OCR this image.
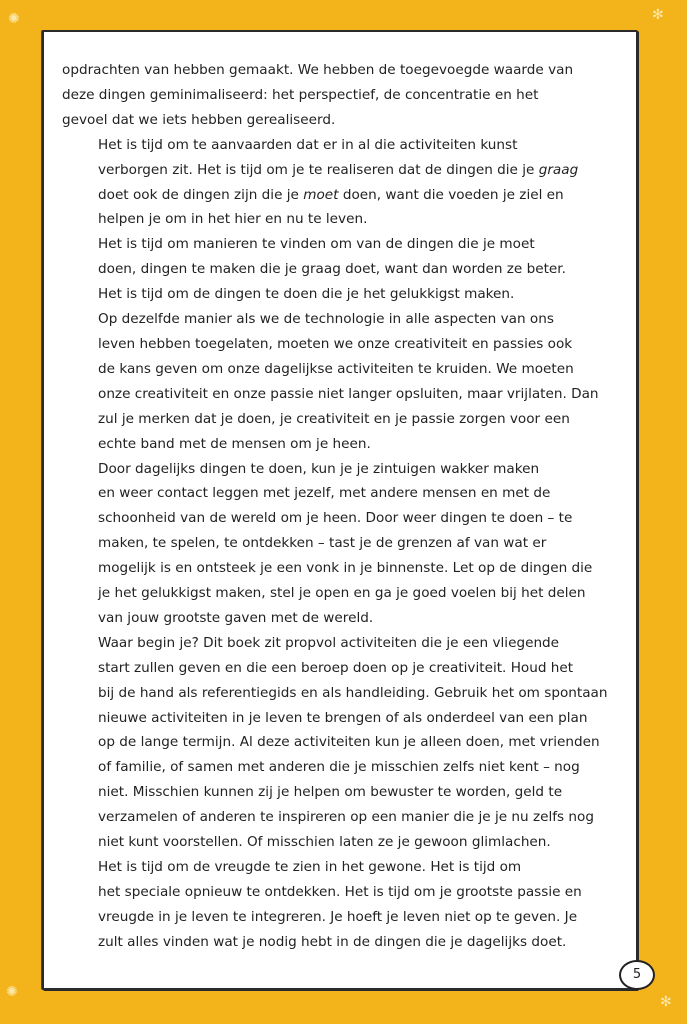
✺	✻
✺
✻

opdrachten van hebben gemaakt. We hebben de toegevoegde waarde van
deze dingen geminimaliseerd: het perspectief, de concentratie en het
gevoel dat we iets hebben gerealiseerd.

Het is tijd om te aanvaarden dat er in al die activiteiten kunst
verborgen zit. Het is tijd om je te realiseren dat de dingen die je graag
doet ook de dingen zijn die je moet doen, want die voeden je ziel en
helpen je om in het hier en nu te leven.

Het is tijd om manieren te vinden om van de dingen die je moet
doen, dingen te maken die je graag doet, want dan worden ze beter.

Het is tijd om de dingen te doen die je het gelukkigst maken.

Op dezelfde manier als we de technologie in alle aspecten van ons
leven hebben toegelaten, moeten we onze creativiteit en passies ook
de kans geven om onze dagelijkse activiteiten te kruiden. We moeten
onze creativiteit en onze passie niet langer opsluiten, maar vrijlaten. Dan
zul je merken dat je doen, je creativiteit en je passie zorgen voor een
echte band met de mensen om je heen.

Door dagelijks dingen te doen, kun je je zintuigen wakker maken
en weer contact leggen met jezelf, met andere mensen en met de
schoonheid van de wereld om je heen. Door weer dingen te doen – te
maken, te spelen, te ontdekken – tast je de grenzen af van wat er
mogelijk is en ontsteek je een vonk in je binnenste. Let op de dingen die
je het gelukkigst maken, stel je open en ga je goed voelen bij het delen
van jouw grootste gaven met de wereld.

Waar begin je? Dit boek zit propvol activiteiten die je een vliegende
start zullen geven en die een beroep doen op je creativiteit. Houd het
bij de hand als referentiegids en als handleiding. Gebruik het om spontaan
nieuwe activiteiten in je leven te brengen of als onderdeel van een plan
op de lange termijn. Al deze activiteiten kun je alleen doen, met vrienden
of familie, of samen met anderen die je misschien zelfs niet kent – nog
niet. Misschien kunnen zij je helpen om bewuster te worden, geld te
verzamelen of anderen te inspireren op een manier die je je nu zelfs nog
niet kunt voorstellen. Of misschien laten ze je gewoon glimlachen.

Het is tijd om de vreugde te zien in het gewone. Het is tijd om
het speciale opnieuw te ontdekken. Het is tijd om je grootste passie en
vreugde in je leven te integreren. Je hoeft je leven niet op te geven. Je
zult alles vinden wat je nodig hebt in de dingen die je dagelijks doet.

5
